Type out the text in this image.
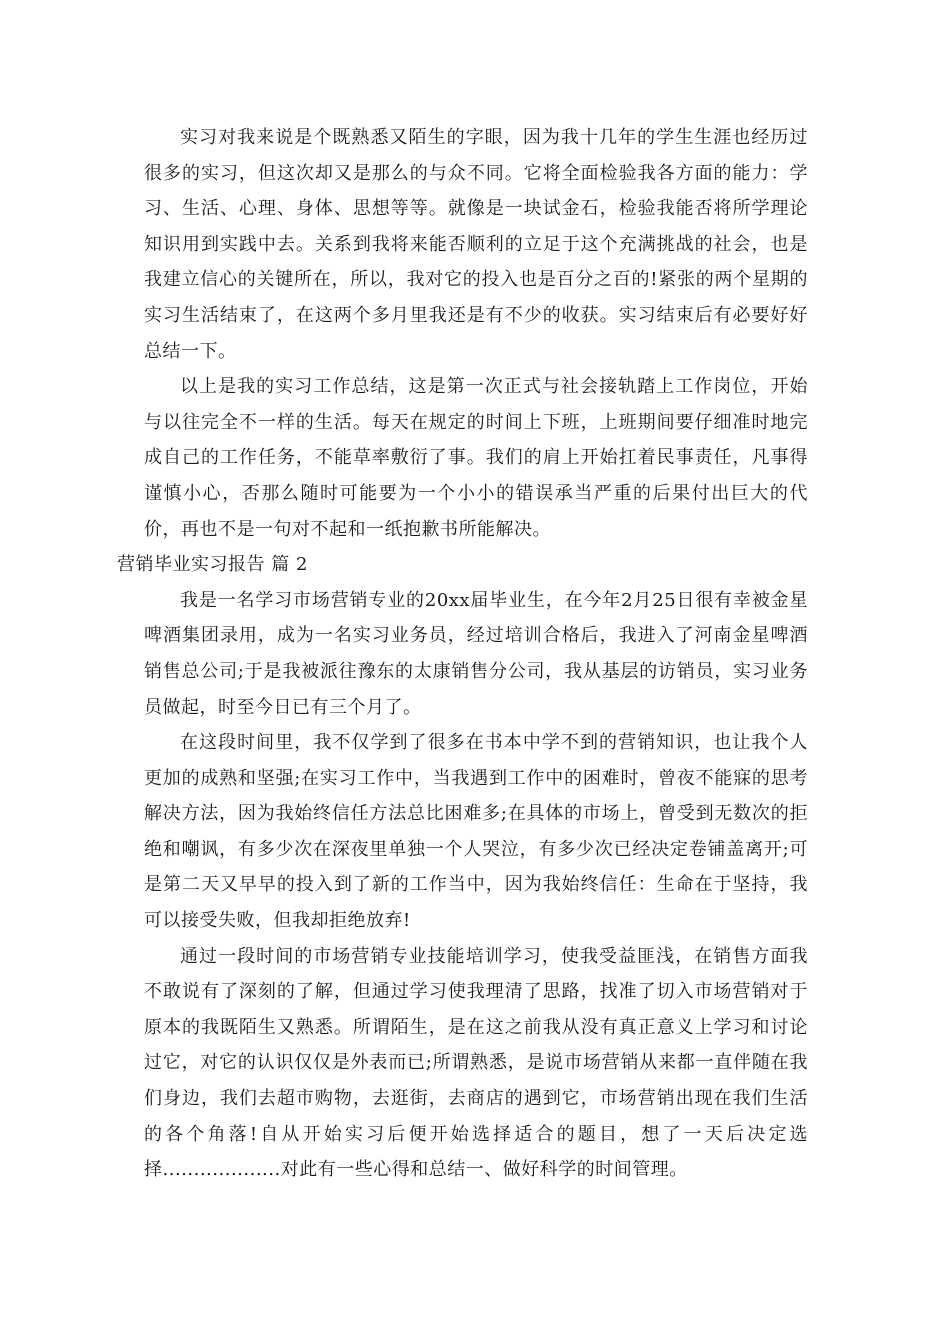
实习对我来说是个既熟悉又陌生的字眼，因为我十几年的学生生涯也经历过很多的实习，但这次却又是那么的与众不同。它将全面检验我各方面的能力：学习、生活、心理、身体、思想等等。就像是一块试金石，检验我能否将所学理论知识用到实践中去。关系到我将来能否顺利的立足于这个充满挑战的社会，也是我建立信心的关键所在，所以，我对它的投入也是百分之百的!紧张的两个星期的实习生活结束了，在这两个多月里我还是有不少的收获。实习结束后有必要好好总结一下。

以上是我的实习工作总结，这是第一次正式与社会接轨踏上工作岗位，开始与以往完全不一样的生活。每天在规定的时间上下班，上班期间要仔细准时地完成自己的工作任务，不能草率敷衍了事。我们的肩上开始扛着民事责任，凡事得谨慎小心，否那么随时可能要为一个小小的错误承当严重的后果付出巨大的代价，再也不是一句对不起和一纸抱歉书所能解决。

营销毕业实习报告 篇 2

我是一名学习市场营销专业的20xx届毕业生，在今年2月25日很有幸被金星啤酒集团录用，成为一名实习业务员，经过培训合格后，我进入了河南金星啤酒销售总公司;于是我被派往豫东的太康销售分公司，我从基层的访销员，实习业务员做起，时至今日已有三个月了。

在这段时间里，我不仅学到了很多在书本中学不到的营销知识，也让我个人更加的成熟和坚强;在实习工作中，当我遇到工作中的困难时，曾夜不能寐的思考解决方法，因为我始终信任方法总比困难多;在具体的市场上，曾受到无数次的拒绝和嘲讽，有多少次在深夜里单独一个人哭泣，有多少次已经决定卷铺盖离开;可是第二天又早早的投入到了新的工作当中，因为我始终信任：生命在于坚持，我可以接受失败，但我却拒绝放弃!

通过一段时间的市场营销专业技能培训学习，使我受益匪浅，在销售方面我不敢说有了深刻的了解，但通过学习使我理清了思路，找准了切入市场营销对于原本的我既陌生又熟悉。所谓陌生，是在这之前我从没有真正意义上学习和讨论过它，对它的认识仅仅是外表而已;所谓熟悉，是说市场营销从来都一直伴随在我们身边，我们去超市购物，去逛街，去商店的遇到它，市场营销出现在我们生活的各个角落!自从开始实习后便开始选择适合的题目，想了一天后决定选择...................对此有一些心得和总结一、做好科学的时间管理。
